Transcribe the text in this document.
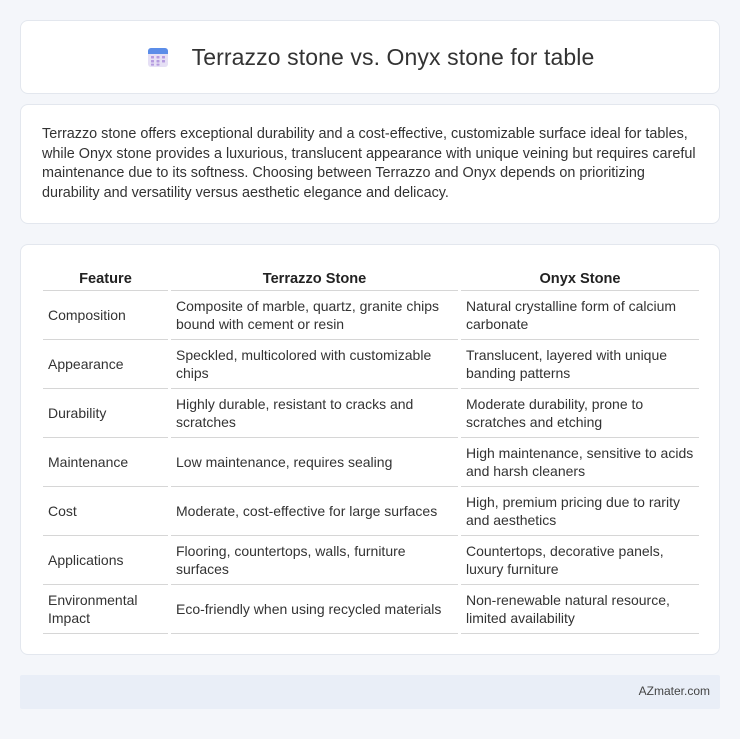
Terrazzo stone vs. Onyx stone for table

Terrazzo stone offers exceptional durability and a cost-effective, customizable surface ideal for tables, while Onyx stone provides a luxurious, translucent appearance with unique veining but requires careful maintenance due to its softness. Choosing between Terrazzo and Onyx depends on prioritizing durability and versatility versus aesthetic elegance and delicacy.

Feature	Terrazzo Stone	Onyx Stone
Composition	Composite of marble, quartz, granite chips bound with cement or resin	Natural crystalline form of calcium carbonate
Appearance	Speckled, multicolored with customizable chips	Translucent, layered with unique banding patterns
Durability	Highly durable, resistant to cracks and scratches	Moderate durability, prone to scratches and etching
Maintenance	Low maintenance, requires sealing	High maintenance, sensitive to acids and harsh cleaners
Cost	Moderate, cost-effective for large surfaces	High, premium pricing due to rarity and aesthetics
Applications	Flooring, countertops, walls, furniture surfaces	Countertops, decorative panels, luxury furniture
Environmental Impact	Eco-friendly when using recycled materials	Non-renewable natural resource, limited availability
AZmater.com
